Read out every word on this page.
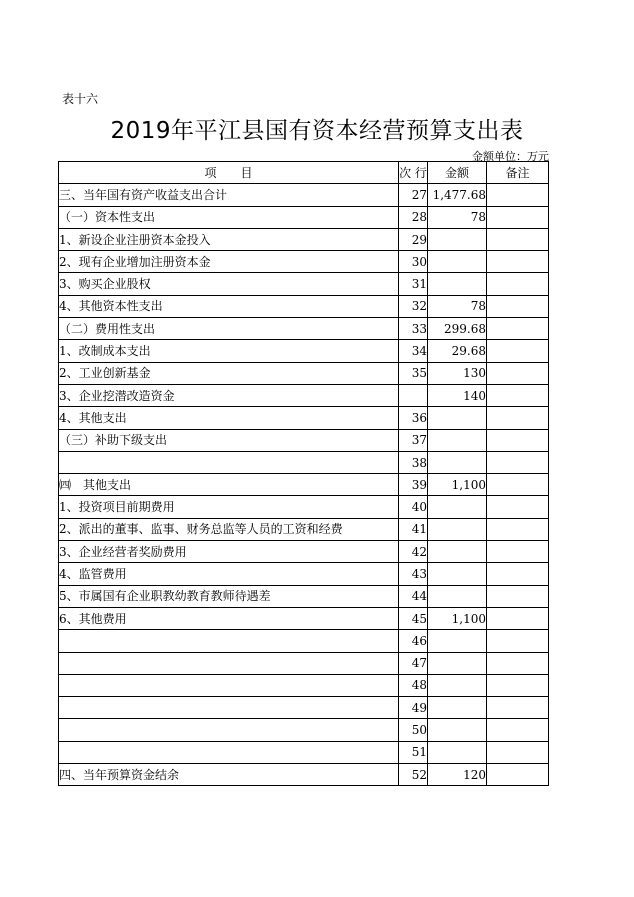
表十六
2019年平江县国有资本经营预算支出表
金额单位：万元
项　　目	次 行	金额	备注
三、当年国有资产收益支出合计	27	1,477.68	
（一）资本性支出	28	78	
1、新设企业注册资本金投入	29		
2、现有企业增加注册资本金	30		
3、购买企业股权	31		
4、其他资本性支出	32	78	
（二）费用性支出	33	299.68	
1、改制成本支出	34	29.68	
2、工业创新基金	35	130	
3、企业挖潜改造资金		140	
4、其他支出	36		
（三）补助下级支出	37		
	38		
㈣　其他支出	39	1,100	
1、投资项目前期费用	40		
2、派出的董事、监事、财务总监等人员的工资和经费	41		
3、企业经营者奖励费用	42		
4、监管费用	43		
5、市属国有企业职教幼教育教师待遇差	44		
6、其他费用	45	1,100	
	46		
	47		
	48		
	49		
	50		
	51		
四、当年预算资金结余	52	120	
